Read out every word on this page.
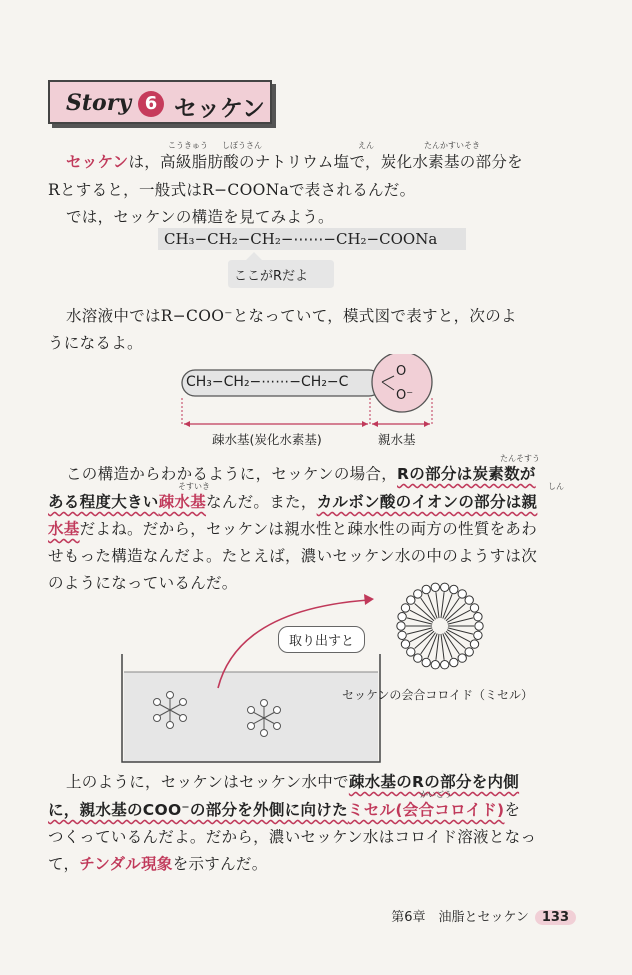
Story 6 セッケン
こうきゅう しぼうさん	えん	たんかすいそき

セッケンは，高級脂肪酸のナトリウム塩で，炭化水素基の部分を

Rとすると，一般式はR−COONaで表されるんだ。

では，セッケンの構造を見てみよう。

CH₃−CH₂−CH₂−⋯⋯−CH₂−COONa
ここがRだよ

水溶液中ではR−COO⁻となっていて，模式図で表すと，次のよ

うになるよ。

CH₃−CH₂−⋯⋯−CH₂−C
O
O⁻
疎水基(炭化水素基)	親水基
たんそすう

この構造からわかるように，セッケンの場合，Rの部分は炭素数が

そすいき	しん

ある程度大きい疎水基なんだ。また，カルボン酸のイオンの部分は親

水基だよね。だから，セッケンは親水性と疎水性の両方の性質をあわ

せもった構造なんだよ。たとえば，濃いセッケン水の中のようすは次

のようになっているんだ。

取り出すと
セッケンの会合コロイド（ミセル）

上のように，セッケンはセッケン水中で疎水基のRの部分を内側

かいごう

に，親水基のCOO⁻の部分を外側に向けたミセル(会合コロイド)を

つくっているんだよ。だから，濃いセッケン水はコロイド溶液となっ

て，チンダル現象を示すんだ。

第6章　油脂とセッケン 133
